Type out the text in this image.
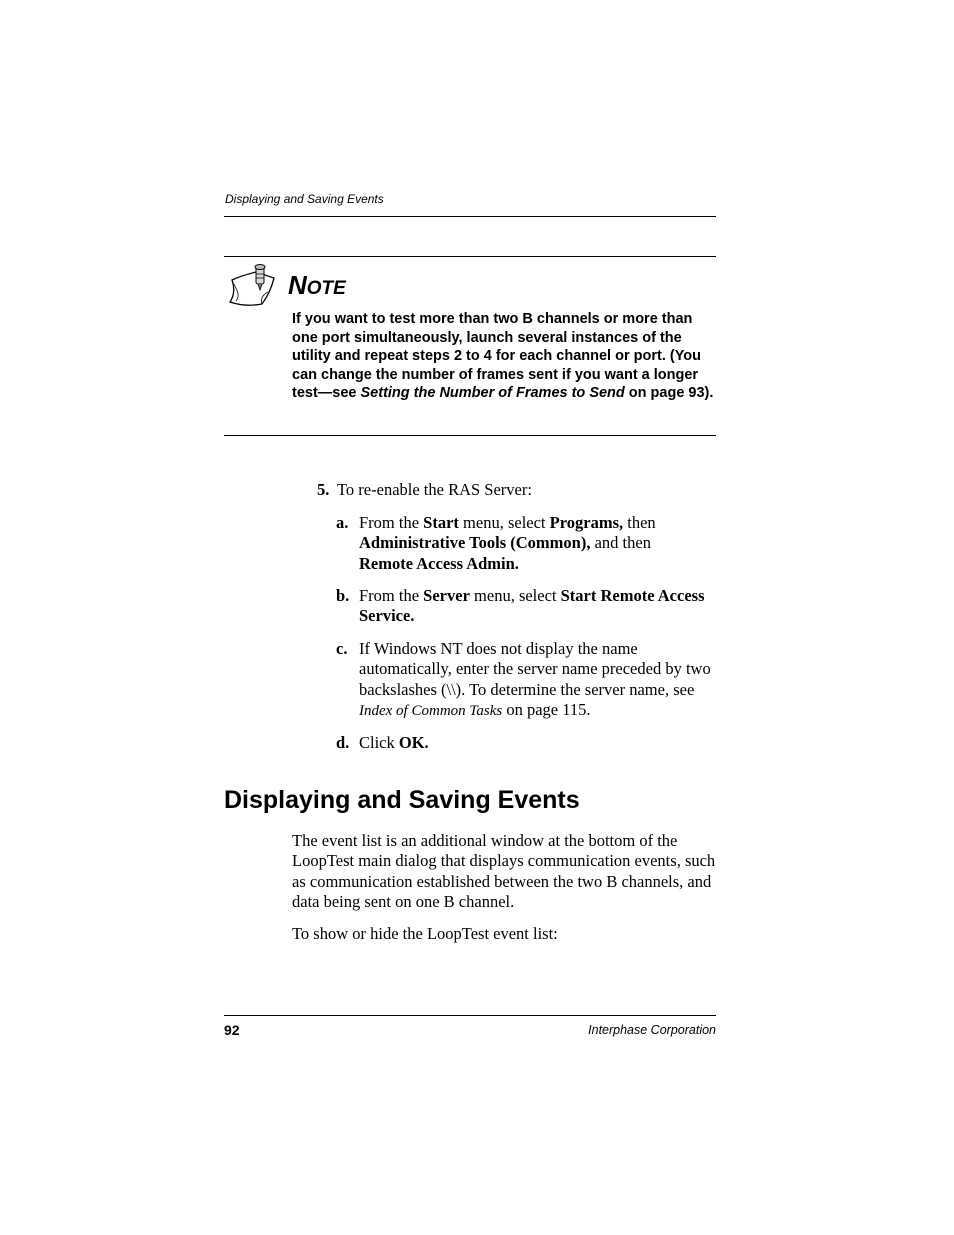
Displaying and Saving Events
NOTE
If you want to test more than two B channels or more than one port simultaneously, launch several instances of the utility and repeat steps 2 to 4 for each channel or port. (You can change the number of frames sent if you want a longer test—see Setting the Number of Frames to Send on page 93).
5. To re-enable the RAS Server:
a. From the Start menu, select Programs, then
Administrative Tools (Common), and then
Remote Access Admin.
b. From the Server menu, select Start Remote Access Service.
c. If Windows NT does not display the name automatically, enter the server name preceded by two backslashes (\\). To determine the server name, see Index of Common Tasks on page 115.
d. Click OK.
Displaying and Saving Events
The event list is an additional window at the bottom of the LoopTest main dialog that displays communication events, such as communication established between the two B channels, and data being sent on one B channel.
To show or hide the LoopTest event list:
92	Interphase Corporation
